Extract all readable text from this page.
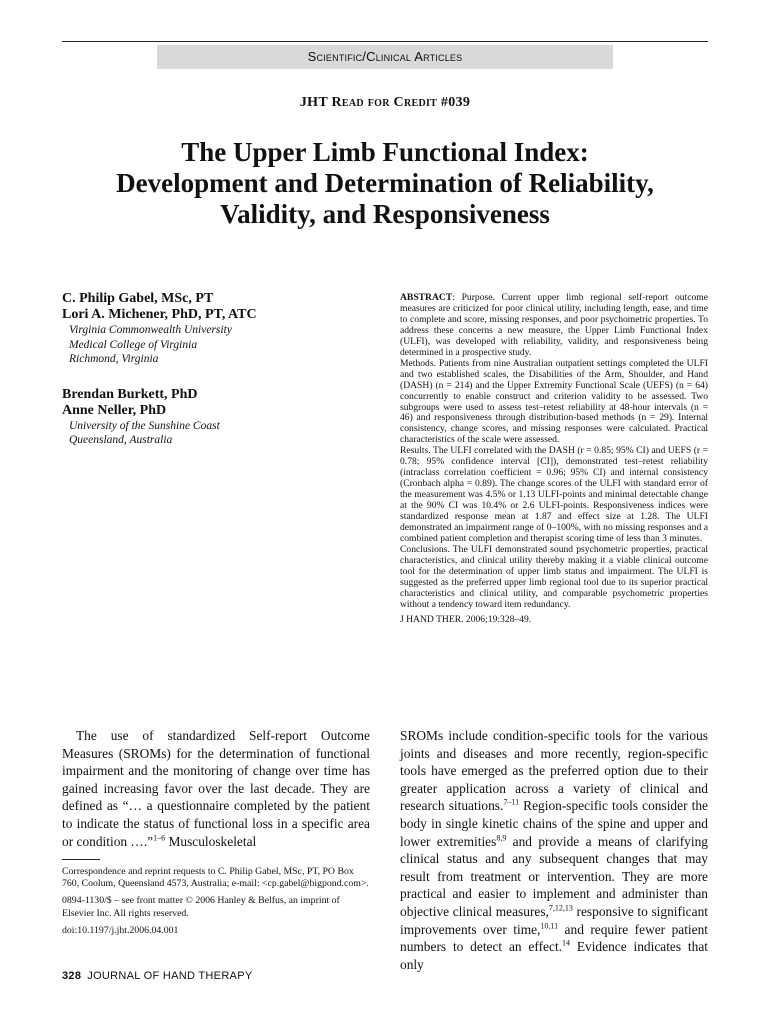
Scientific/Clinical Articles
JHT Read for Credit #039
The Upper Limb Functional Index:
Development and Determination of Reliability,
Validity, and Responsiveness
C. Philip Gabel, MSc, PT
Lori A. Michener, PhD, PT, ATC
Virginia Commonwealth University
Medical College of Virginia
Richmond, Virginia
Brendan Burkett, PhD
Anne Neller, PhD
University of the Sunshine Coast
Queensland, Australia

ABSTRACT: Purpose. Current upper limb regional self-report outcome measures are criticized for poor clinical utility, including length, ease, and time to complete and score, missing responses, and poor psychometric properties. To address these concerns a new measure, the Upper Limb Functional Index (ULFI), was developed with reliability, validity, and responsiveness being determined in a prospective study.

Methods. Patients from nine Australian outpatient settings completed the ULFI and two established scales, the Disabilities of the Arm, Shoulder, and Hand (DASH) (n = 214) and the Upper Extremity Functional Scale (UEFS) (n = 64) concurrently to enable construct and criterion validity to be assessed. Two subgroups were used to assess test–retest reliability at 48-hour intervals (n = 46) and responsiveness through distribution-based methods (n = 29). Internal consistency, change scores, and missing responses were calculated. Practical characteristics of the scale were assessed.

Results. The ULFI correlated with the DASH (r = 0.85; 95% CI) and UEFS (r = 0.78; 95% confidence interval [CI]), demonstrated test–retest reliability (intraclass correlation coefficient = 0.96; 95% CI) and internal consistency (Cronbach alpha = 0.89). The change scores of the ULFI with standard error of the measurement was 4.5% or 1.13 ULFI-points and minimal detectable change at the 90% CI was 10.4% or 2.6 ULFI-points. Responsiveness indices were standardized response mean at 1.87 and effect size at 1.28. The ULFI demonstrated an impairment range of 0–100%, with no missing responses and a combined patient completion and therapist scoring time of less than 3 minutes.

Conclusions. The ULFI demonstrated sound psychometric properties, practical characteristics, and clinical utility thereby making it a viable clinical outcome tool for the determination of upper limb status and impairment. The ULFI is suggested as the preferred upper limb regional tool due to its superior practical characteristics and clinical utility, and comparable psychometric properties without a tendency toward item redundancy.

J HAND THER. 2006;19:328–49.

The use of standardized Self-report Outcome Measures (SROMs) for the determination of functional impairment and the monitoring of change over time has gained increasing favor over the last decade. They are defined as “… a questionnaire completed by the patient to indicate the status of functional loss in a specific area or condition ….”$^{1-6}$ Musculoskeletal

SROMs include condition-specific tools for the various joints and diseases and more recently, region-specific tools have emerged as the preferred option due to their greater application across a variety of clinical and research situations.$^{7-11}$ Region-specific tools consider the body in single kinetic chains of the spine and upper and lower extremities$^{8,9}$ and provide a means of clarifying clinical status and any subsequent changes that may result from treatment or intervention. They are more practical and easier to implement and administer than objective clinical measures,$^{7,12,13}$ responsive to significant improvements over time,$^{10,11}$ and require fewer patient numbers to detect an effect.$^{14}$ Evidence indicates that only

Correspondence and reprint requests to C. Philip Gabel, MSc, PT, PO Box 760, Coolum, Queensland 4573, Australia; e-mail: <cp.gabel@bigpond.com>.

0894-1130/$ – see front matter © 2006 Hanley & Belfus, an imprint of Elsevier Inc. All rights reserved.

doi:10.1197/j.jht.2006.04.001

328 JOURNAL OF HAND THERAPY
